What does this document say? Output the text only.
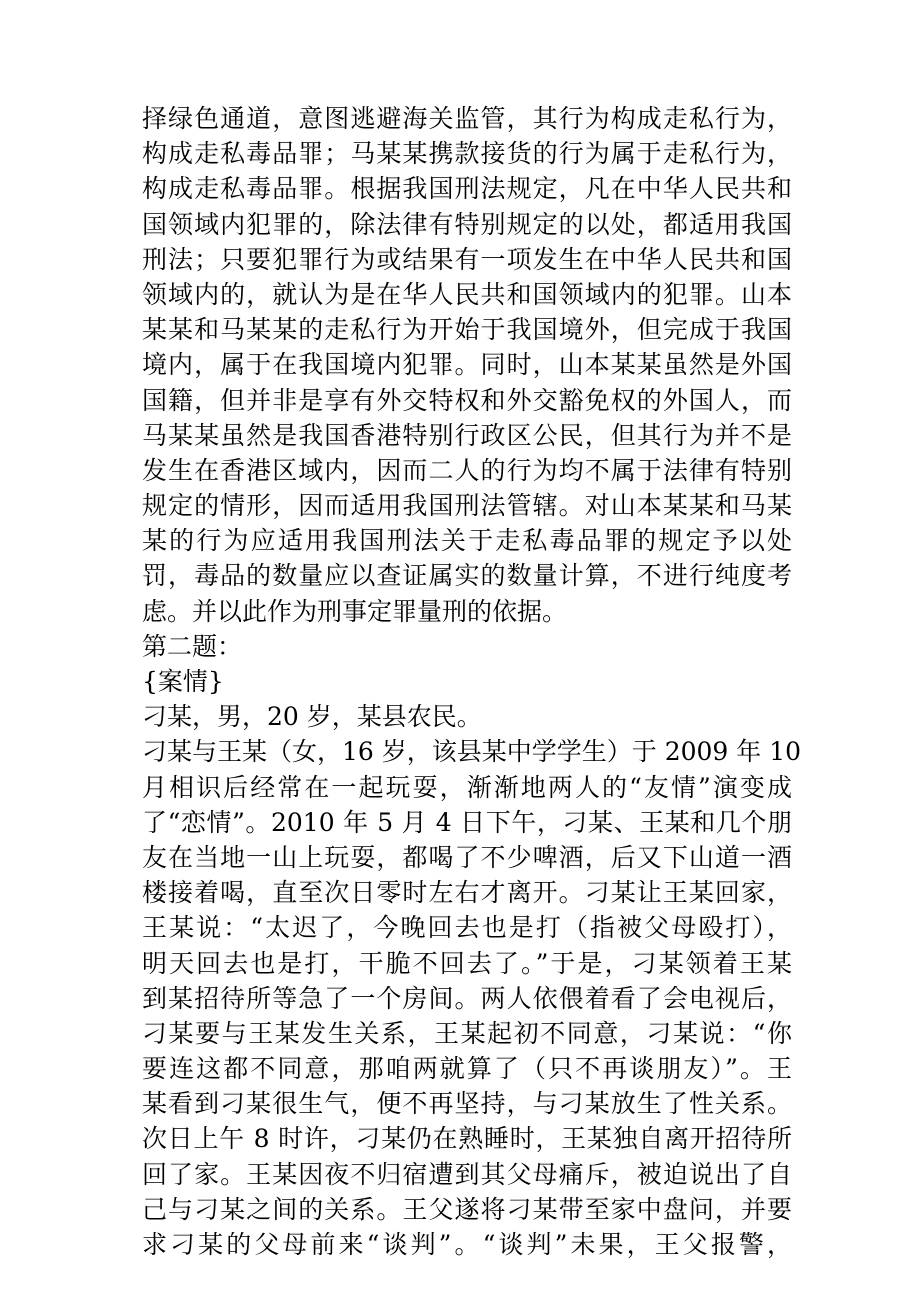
择绿色通道，意图逃避海关监管，其行为构成走私行为，
构成走私毒品罪；马某某携款接货的行为属于走私行为，
构成走私毒品罪。根据我国刑法规定，凡在中华人民共和
国领域内犯罪的，除法律有特别规定的以处，都适用我国
刑法；只要犯罪行为或结果有一项发生在中华人民共和国
领域内的，就认为是在华人民共和国领域内的犯罪。山本
某某和马某某的走私行为开始于我国境外，但完成于我国
境内，属于在我国境内犯罪。同时，山本某某虽然是外国
国籍，但并非是享有外交特权和外交豁免权的外国人，而
马某某虽然是我国香港特别行政区公民，但其行为并不是
发生在香港区域内，因而二人的行为均不属于法律有特别
规定的情形，因而适用我国刑法管辖。对山本某某和马某
某的行为应适用我国刑法关于走私毒品罪的规定予以处
罚，毒品的数量应以查证属实的数量计算，不进行纯度考
虑。并以此作为刑事定罪量刑的依据。
第二题：
{案情}
刁某，男，20 岁，某县农民。
刁某与王某（女，16 岁，该县某中学学生）于 2009 年 10
月相识后经常在一起玩耍，渐渐地两人的“友情”演变成
了“恋情”。2010 年 5 月 4 日下午，刁某、王某和几个朋
友在当地一山上玩耍，都喝了不少啤酒，后又下山道一酒
楼接着喝，直至次日零时左右才离开。刁某让王某回家，
王某说：“太迟了，今晚回去也是打（指被父母殴打），
明天回去也是打，干脆不回去了。”于是，刁某领着王某
到某招待所等急了一个房间。两人依偎着看了会电视后，
刁某要与王某发生关系，王某起初不同意，刁某说：“你
要连这都不同意，那咱两就算了（只不再谈朋友）”。王
某看到刁某很生气，便不再坚持，与刁某放生了性关系。
次日上午 8 时许，刁某仍在熟睡时，王某独自离开招待所
回了家。王某因夜不归宿遭到其父母痛斥，被迫说出了自
己与刁某之间的关系。王父遂将刁某带至家中盘问，并要
求刁某的父母前来“谈判”。“谈判”未果，王父报警，
